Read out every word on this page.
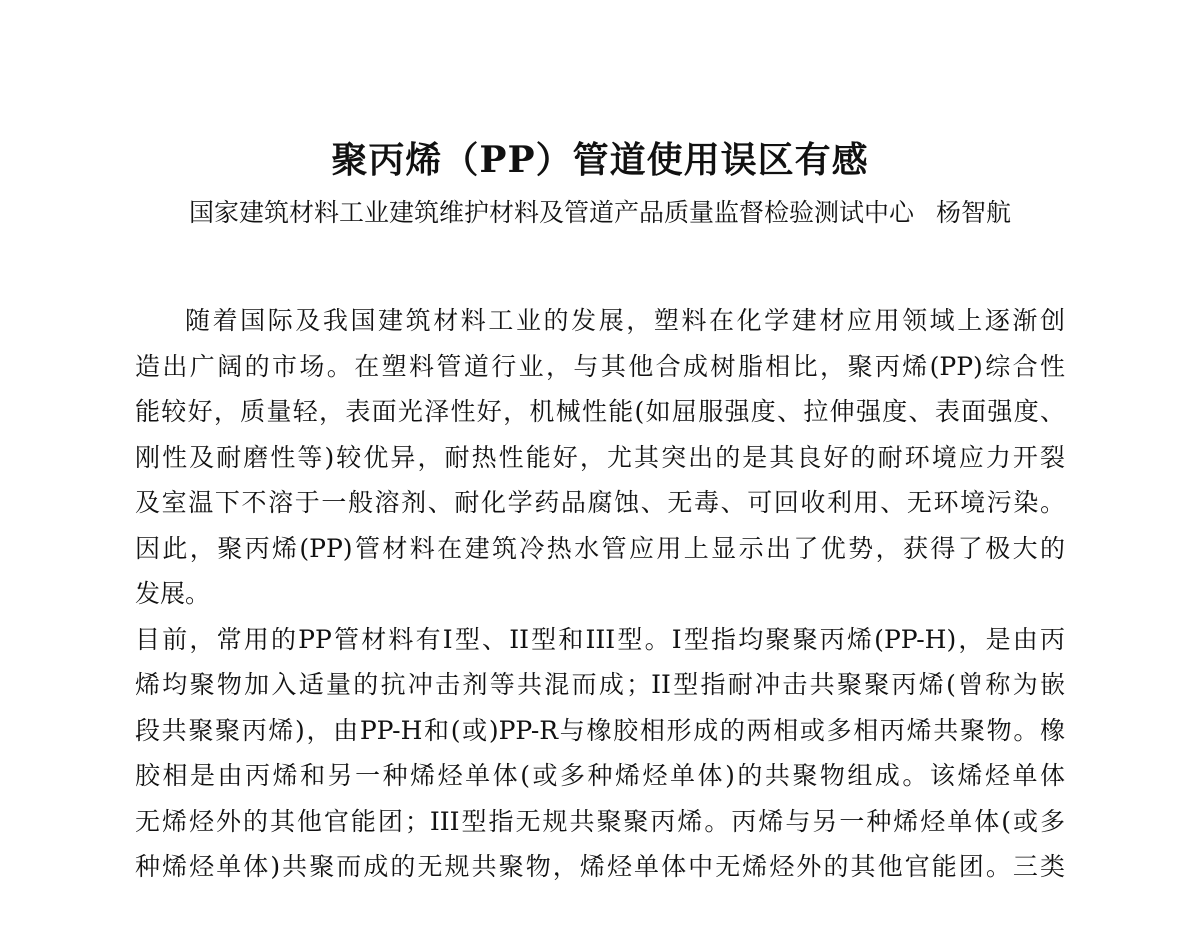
聚丙烯（PP）管道使用误区有感
国家建筑材料工业建筑维护材料及管道产品质量监督检验测试中心 杨智航

随着国际及我国建筑材料工业的发展，塑料在化学建材应用领域上逐渐创
造出广阔的市场。在塑料管道行业，与其他合成树脂相比，聚丙烯(PP)综合性
能较好，质量轻，表面光泽性好，机械性能(如屈服强度、拉伸强度、表面强度、
刚性及耐磨性等)较优异，耐热性能好，尤其突出的是其良好的耐环境应力开裂
及室温下不溶于一般溶剂、耐化学药品腐蚀、无毒、可回收利用、无环境污染。
因此，聚丙烯(PP)管材料在建筑冷热水管应用上显示出了优势，获得了极大的
发展。

目前，常用的PP管材料有I型、II型和III型。I型指均聚聚丙烯(PP-H)，是由丙
烯均聚物加入适量的抗冲击剂等共混而成；II型指耐冲击共聚聚丙烯(曾称为嵌
段共聚聚丙烯)，由PP-H和(或)PP-R与橡胶相形成的两相或多相丙烯共聚物。橡
胶相是由丙烯和另一种烯烃单体(或多种烯烃单体)的共聚物组成。该烯烃单体
无烯烃外的其他官能团；III型指无规共聚聚丙烯。丙烯与另一种烯烃单体(或多
种烯烃单体)共聚而成的无规共聚物，烯烃单体中无烯烃外的其他官能团。三类
